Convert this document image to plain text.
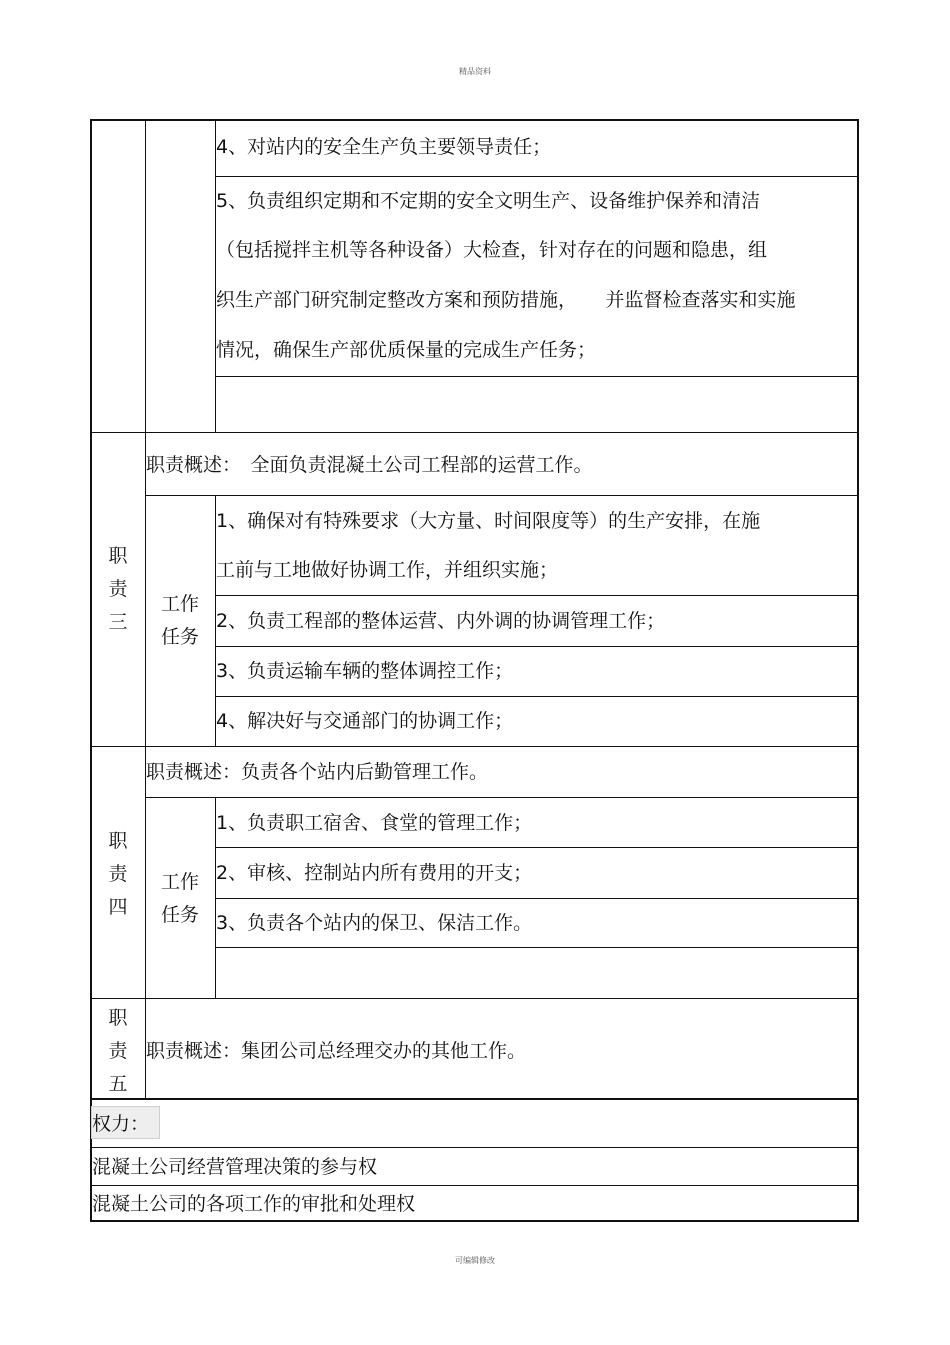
精品资料
4、对站内的安全生产负主要领导责任；
5、负责组织定期和不定期的安全文明生产、设备维护保养和清洁
（包括搅拌主机等各种设备）大检查，针对存在的问题和隐患，组
织生产部门研究制定整改方案和预防措施，　　并监督检查落实和实施
情况，确保生产部优质保量的完成生产任务；
职
责
三
职责概述：　全面负责混凝土公司工程部的运营工作。
工作
任务
1、确保对有特殊要求（大方量、时间限度等）的生产安排，在施
工前与工地做好协调工作，并组织实施；
2、负责工程部的整体运营、内外调的协调管理工作；
3、负责运输车辆的整体调控工作；
4、解决好与交通部门的协调工作；
职
责
四
职责概述：负责各个站内后勤管理工作。
工作
任务
1、负责职工宿舍、食堂的管理工作；
2、审核、控制站内所有费用的开支；
3、负责各个站内的保卫、保洁工作。
职
责
五
职责概述：集团公司总经理交办的其他工作。
权力：
混凝土公司经营管理决策的参与权
混凝土公司的各项工作的审批和处理权
可编辑修改
